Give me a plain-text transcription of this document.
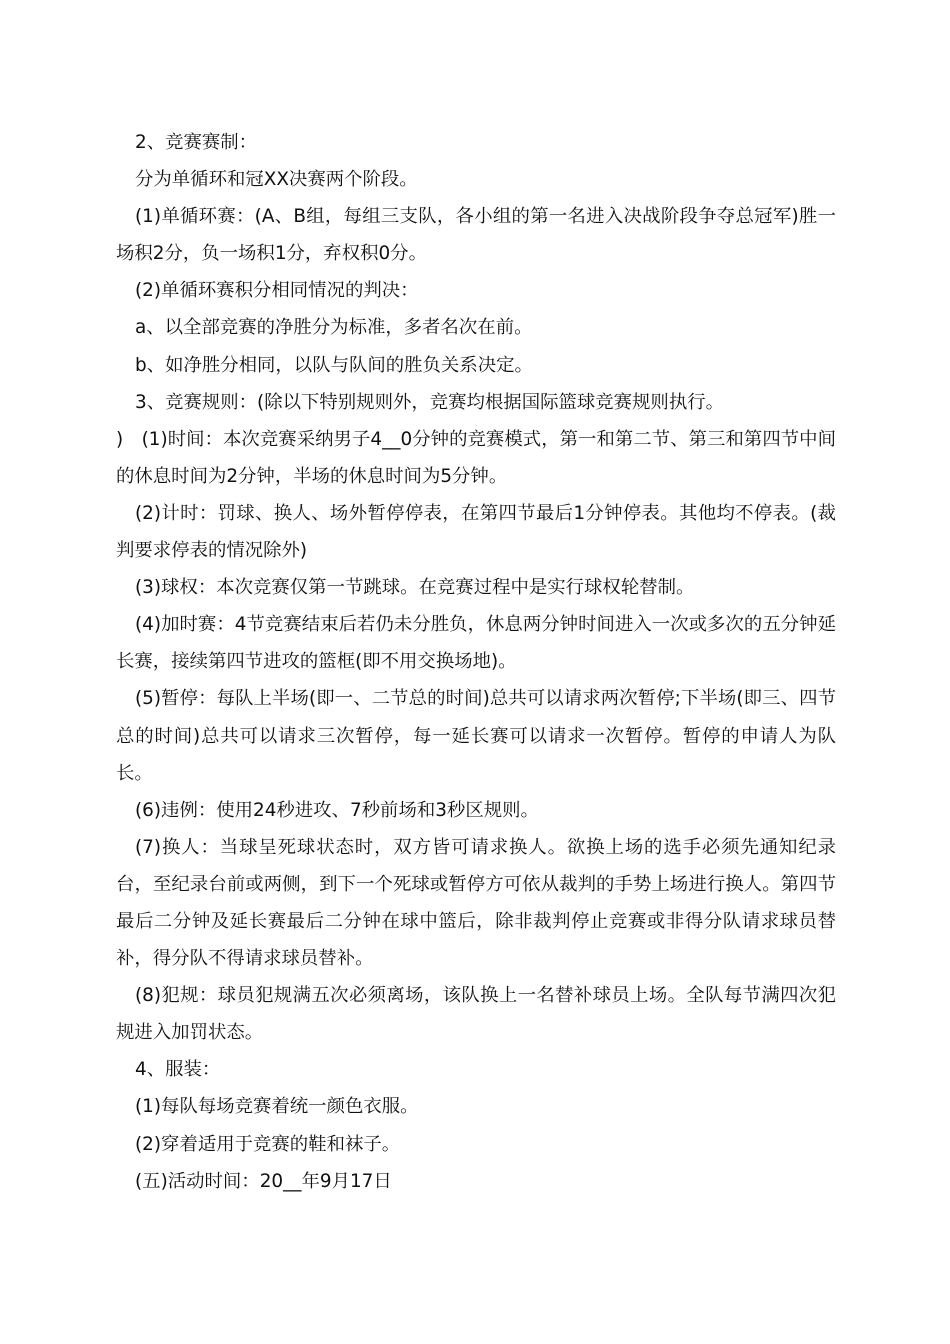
2、竞赛赛制：

分为单循环和冠XX决赛两个阶段。

(1)单循环赛：(A、B组，每组三支队，各小组的第一名进入决战阶段争夺总冠军)胜一场积2分，负一场积1分，弃权积0分。

(2)单循环赛积分相同情况的判决：

a、以全部竞赛的净胜分为标准，多者名次在前。

b、如净胜分相同，以队与队间的胜负关系决定。

3、竞赛规则：(除以下特别规则外，竞赛均根据国际篮球竞赛规则执行。

)　(1)时间：本次竞赛采纳男子4__0分钟的竞赛模式，第一和第二节、第三和第四节中间的休息时间为2分钟，半场的休息时间为5分钟。

(2)计时：罚球、换人、场外暂停停表，在第四节最后1分钟停表。其他均不停表。(裁判要求停表的情况除外)

(3)球权：本次竞赛仅第一节跳球。在竞赛过程中是实行球权轮替制。

(4)加时赛：4节竞赛结束后若仍未分胜负，休息两分钟时间进入一次或多次的五分钟延长赛，接续第四节进攻的篮框(即不用交换场地)。

(5)暂停：每队上半场(即一、二节总的时间)总共可以请求两次暂停;下半场(即三、四节总的时间)总共可以请求三次暂停，每一延长赛可以请求一次暂停。暂停的申请人为队长。

(6)违例：使用24秒进攻、7秒前场和3秒区规则。

(7)换人：当球呈死球状态时，双方皆可请求换人。欲换上场的选手必须先通知纪录台，至纪录台前或两侧，到下一个死球或暂停方可依从裁判的手势上场进行换人。第四节最后二分钟及延长赛最后二分钟在球中篮后，除非裁判停止竞赛或非得分队请求球员替补，得分队不得请求球员替补。

(8)犯规：球员犯规满五次必须离场，该队换上一名替补球员上场。全队每节满四次犯规进入加罚状态。

4、服装：

(1)每队每场竞赛着统一颜色衣服。

(2)穿着适用于竞赛的鞋和袜子。

(五)活动时间：20__年9月17日
